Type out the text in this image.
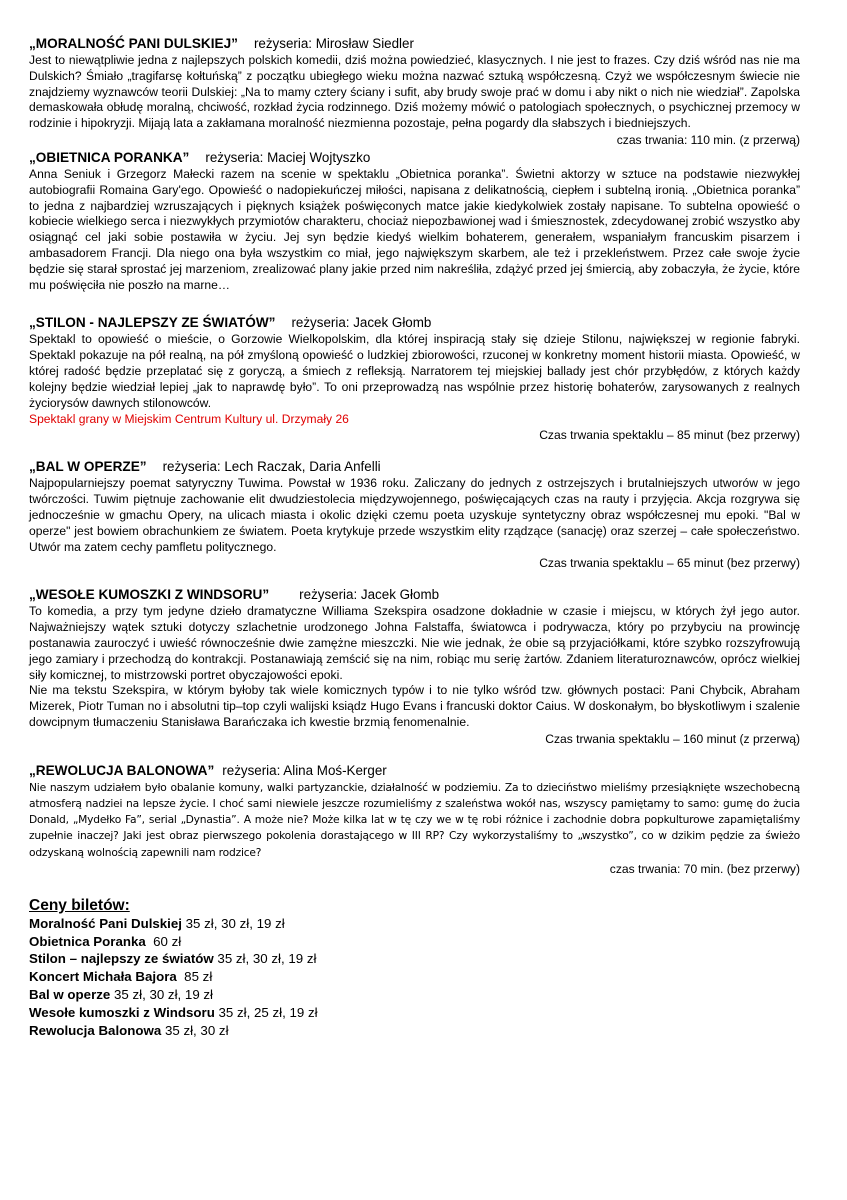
„MORALNOŚĆ PANI DULSKIEJ” reżyseria: Mirosław Siedler

Jest to niewątpliwie jedna z najlepszych polskich komedii, dziś można powiedzieć, klasycznych. I nie jest to frazes. Czy dziś wśród nas nie ma Dulskich? Śmiało „tragifarsę kołtuńską” z początku ubiegłego wieku można nazwać sztuką współczesną. Czyż we współczesnym świecie nie znajdziemy wyznawców teorii Dulskiej: „Na to mamy cztery ściany i sufit, aby brudy swoje prać w domu i aby nikt o nich nie wiedział”. Zapolska demaskowała obłudę moralną, chciwość, rozkład życia rodzinnego. Dziś możemy mówić o patologiach społecznych, o psychicznej przemocy w rodzinie i hipokryzji. Mijają lata a zakłamana moralność niezmienna pozostaje, pełna pogardy dla słabszych i biedniejszych.

czas trwania: 110 min. (z przerwą)

„OBIETNICA PORANKA” reżyseria: Maciej Wojtyszko

Anna Seniuk i Grzegorz Małecki razem na scenie w spektaklu „Obietnica poranka”. Świetni aktorzy w sztuce na podstawie niezwykłej autobiografii Romaina Gary'ego. Opowieść o nadopiekuńczej miłości, napisana z delikatnością, ciepłem i subtelną ironią. „Obietnica poranka” to jedna z najbardziej wzruszających i pięknych książek poświęconych matce jakie kiedykolwiek zostały napisane. To subtelna opowieść o kobiecie wielkiego serca i niezwykłych przymiotów charakteru, chociaż niepozbawionej wad i śmiesznostek, zdecydowanej zrobić wszystko aby osiągnąć cel jaki sobie postawiła w życiu. Jej syn będzie kiedyś wielkim bohaterem, generałem, wspaniałym francuskim pisarzem i ambasadorem Francji. Dla niego ona była wszystkim co miał, jego największym skarbem, ale też i przekleństwem. Przez całe swoje życie będzie się starał sprostać jej marzeniom, zrealizować plany jakie przed nim nakreśliła, zdążyć przed jej śmiercią, aby zobaczyła, że życie, które mu poświęciła nie poszło na marne…

„STILON - NAJLEPSZY ZE ŚWIATÓW” reżyseria: Jacek Głomb

Spektakl to opowieść o mieście, o Gorzowie Wielkopolskim, dla której inspiracją stały się dzieje Stilonu, największej w regionie fabryki. Spektakl pokazuje na pół realną, na pół zmyśloną opowieść o ludzkiej zbiorowości, rzuconej w konkretny moment historii miasta. Opowieść, w której radość będzie przeplatać się z goryczą, a śmiech z refleksją. Narratorem tej miejskiej ballady jest chór przybłędów, z których każdy kolejny będzie wiedział lepiej „jak to naprawdę było”. To oni przeprowadzą nas wspólnie przez historię bohaterów, zarysowanych z realnych życiorysów dawnych stilonowców.

Spektakl grany w Miejskim Centrum Kultury ul. Drzymały 26

Czas trwania spektaklu – 85 minut (bez przerwy)

„BAL W OPERZE” reżyseria: Lech Raczak, Daria Anfelli

Najpopularniejszy poemat satyryczny Tuwima. Powstał w 1936 roku. Zaliczany do jednych z ostrzejszych i brutalniejszych utworów w jego twórczości. Tuwim piętnuje zachowanie elit dwudziestolecia międzywojennego, poświęcających czas na rauty i przyjęcia. Akcja rozgrywa się jednocześnie w gmachu Opery, na ulicach miasta i okolic dzięki czemu poeta uzyskuje syntetyczny obraz współczesnej mu epoki. "Bal w operze" jest bowiem obrachunkiem ze światem. Poeta krytykuje przede wszystkim elity rządzące (sanację) oraz szerzej – całe społeczeństwo. Utwór ma zatem cechy pamfletu politycznego.

Czas trwania spektaklu – 65 minut (bez przerwy)

„WESOŁE KUMOSZKI Z WINDSORU” reżyseria: Jacek Głomb

To komedia, a przy tym jedyne dzieło dramatyczne Williama Szekspira osadzone dokładnie w czasie i miejscu, w których żył jego autor. Najważniejszy wątek sztuki dotyczy szlachetnie urodzonego Johna Falstaffa, światowca i podrywacza, który po przybyciu na prowincję postanawia zauroczyć i uwieść równocześnie dwie zamężne mieszczki. Nie wie jednak, że obie są przyjaciółkami, które szybko rozszyfrowują jego zamiary i przechodzą do kontrakcji. Postanawiają zemścić się na nim, robiąc mu serię żartów. Zdaniem literaturoznawców, oprócz wielkiej siły komicznej, to mistrzowski portret obyczajowości epoki.

Nie ma tekstu Szekspira, w którym byłoby tak wiele komicznych typów i to nie tylko wśród tzw. głównych postaci: Pani Chybcik, Abraham Mizerek, Piotr Tuman no i absolutni tip–top czyli walijski ksiądz Hugo Evans i francuski doktor Caius. W doskonałym, bo błyskotliwym i szalenie dowcipnym tłumaczeniu Stanisława Barańczaka ich kwestie brzmią fenomenalnie.

Czas trwania spektaklu – 160 minut (z przerwą)

„REWOLUCJA BALONOWA” reżyseria: Alina Moś-Kerger

Nie naszym udziałem było obalanie komuny, walki partyzanckie, działalność w podziemiu. Za to dzieciństwo mieliśmy przesiąknięte wszechobecną atmosferą nadziei na lepsze życie. I choć sami niewiele jeszcze rozumieliśmy z szaleństwa wokół nas, wszyscy pamiętamy to samo: gumę do żucia Donald, „Mydełko Fa”, serial „Dynastia”. A może nie? Może kilka lat w tę czy we w tę robi różnice i zachodnie dobra popkulturowe zapamiętaliśmy zupełnie inaczej? Jaki jest obraz pierwszego pokolenia dorastającego w III RP? Czy wykorzystaliśmy to „wszystko”, co w dzikim pędzie za świeżo odzyskaną wolnością zapewnili nam rodzice?

czas trwania: 70 min. (bez przerwy)

Ceny biletów:

Moralność Pani Dulskiej 35 zł, 30 zł, 19 zł

Obietnica Poranka  60 zł

Stilon – najlepszy ze światów 35 zł, 30 zł, 19 zł

Koncert Michała Bajora  85 zł

Bal w operze 35 zł, 30 zł, 19 zł

Wesołe kumoszki z Windsoru 35 zł, 25 zł, 19 zł

Rewolucja Balonowa 35 zł, 30 zł
